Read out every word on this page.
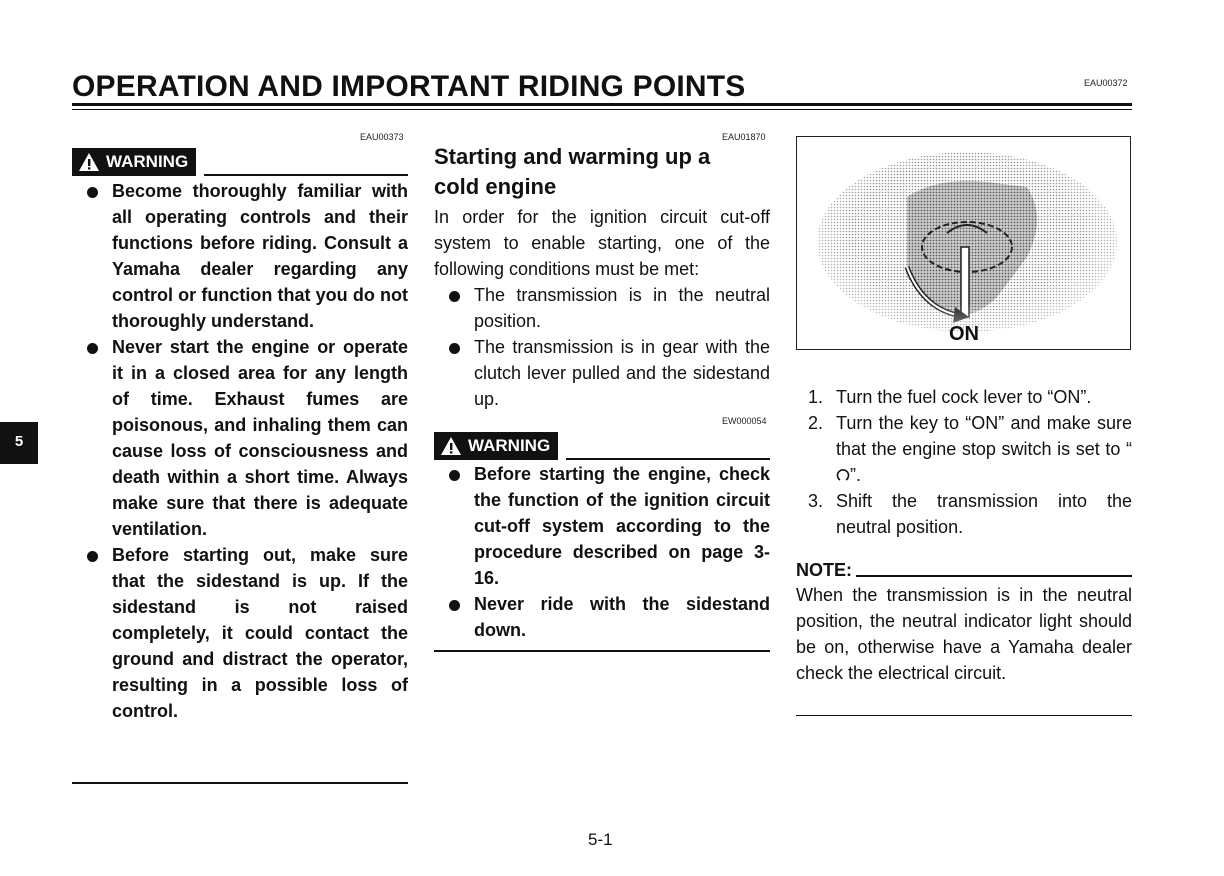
OPERATION AND IMPORTANT RIDING POINTS	EAU00372
5
EAU00373
WARNING
Become thoroughly familiar with all operating controls and their functions before riding. Consult a Yamaha dealer regarding any control or function that you do not thoroughly understand.
Never start the engine or operate it in a closed area for any length of time. Exhaust fumes are poisonous, and inhaling them can cause loss of consciousness and death within a short time. Always make sure that there is adequate ventilation.
Before starting out, make sure that the sidestand is up. If the sidestand is not raised completely, it could contact the ground and distract the operator, resulting in a possible loss of control.
EAU01870
Starting and warming up a
cold engine
In order for the ignition circuit cut-off system to enable starting, one of the following conditions must be met:
The transmission is in the neutral position.
The transmission is in gear with the clutch lever pulled and the sidestand up.
EW000054
WARNING
Before starting the engine, check the function of the ignition circuit cut-off system according to the procedure described on page 3-16.
Never ride with the sidestand down.
ON
1. Turn the fuel cock lever to “ON”.
2. Turn the key to “ON” and make sure that the engine stop switch is set to “”.
3. Shift the transmission into the neutral position.
NOTE:
When the transmission is in the neutral position, the neutral indicator light should be on, otherwise have a Yamaha dealer check the electrical circuit.
5-1
